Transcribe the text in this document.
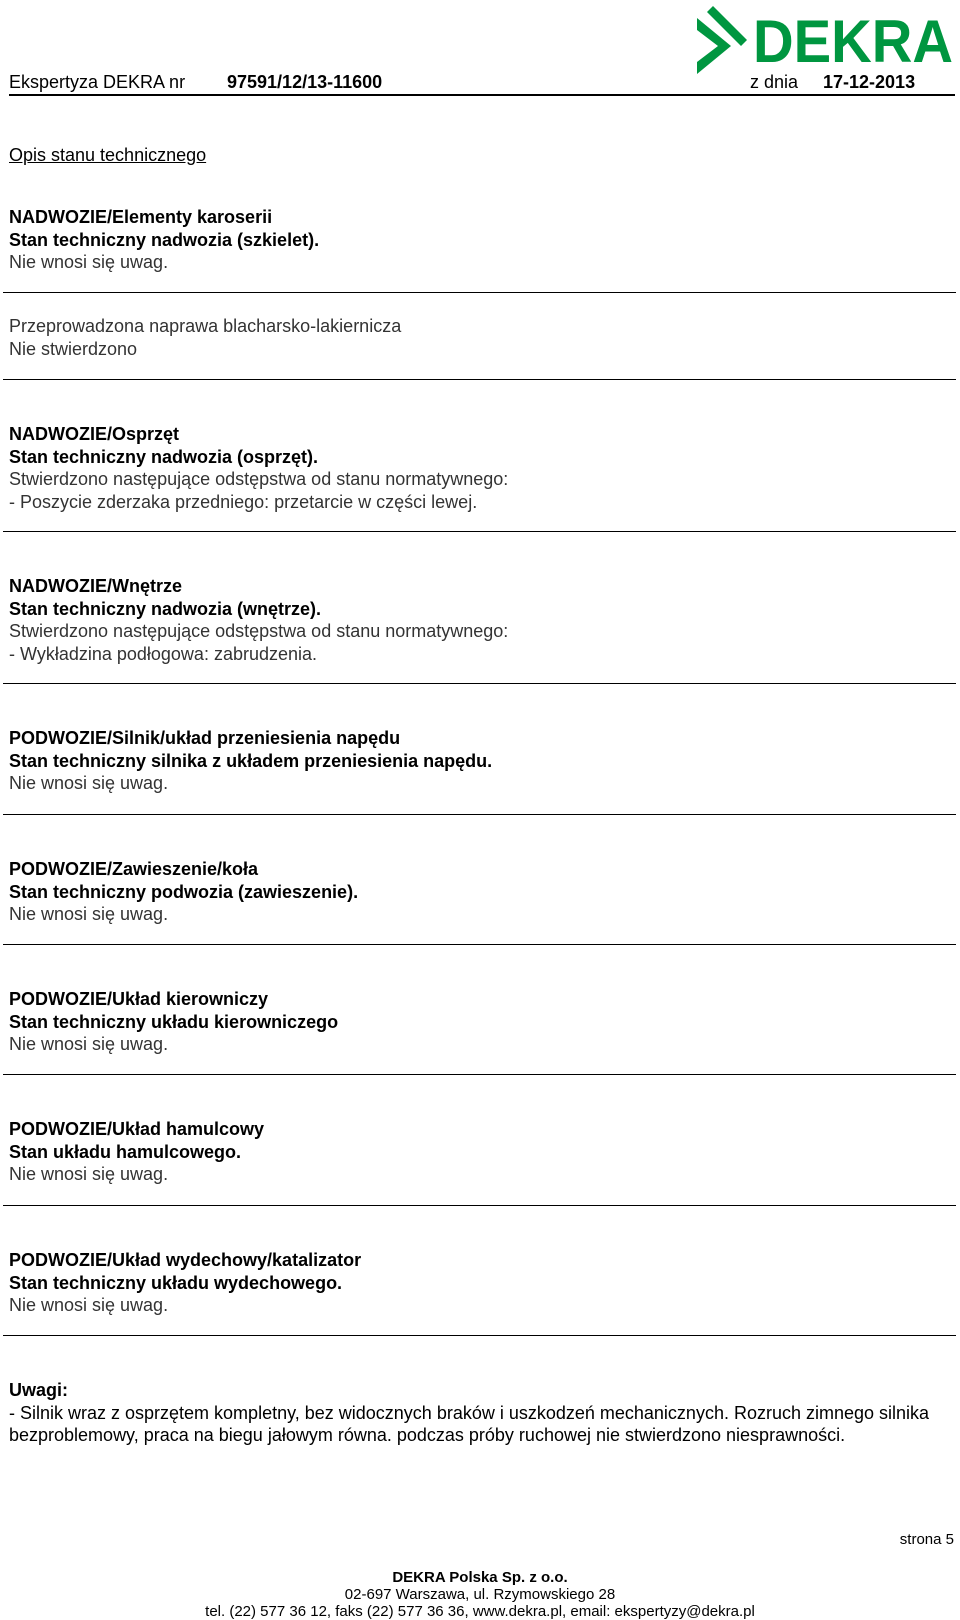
DEKRA
Ekspertyza DEKRA nr 97591/12/13-11600	z dnia 17-12-2013
Opis stanu technicznego
NADWOZIE/Elementy karoserii
Stan techniczny nadwozia (szkielet).
Nie wnosi się uwag.
Przeprowadzona naprawa blacharsko-lakiernicza
Nie stwierdzono
NADWOZIE/Osprzęt
Stan techniczny nadwozia (osprzęt).
Stwierdzono następujące odstępstwa od stanu normatywnego:
- Poszycie zderzaka przedniego: przetarcie w części lewej.
NADWOZIE/Wnętrze
Stan techniczny nadwozia (wnętrze).
Stwierdzono następujące odstępstwa od stanu normatywnego:
- Wykładzina podłogowa: zabrudzenia.
PODWOZIE/Silnik/układ przeniesienia napędu
Stan techniczny silnika z układem przeniesienia napędu.
Nie wnosi się uwag.
PODWOZIE/Zawieszenie/koła
Stan techniczny podwozia (zawieszenie).
Nie wnosi się uwag.
PODWOZIE/Układ kierowniczy
Stan techniczny układu kierowniczego
Nie wnosi się uwag.
PODWOZIE/Układ hamulcowy
Stan układu hamulcowego.
Nie wnosi się uwag.
PODWOZIE/Układ wydechowy/katalizator
Stan techniczny układu wydechowego.
Nie wnosi się uwag.
Uwagi:
- Silnik wraz z osprzętem kompletny, bez widocznych braków i uszkodzeń mechanicznych. Rozruch zimnego silnika bezproblemowy, praca na biegu jałowym równa. podczas próby ruchowej nie stwierdzono niesprawności.
strona 5
DEKRA Polska Sp. z o.o.
02-697 Warszawa, ul. Rzymowskiego 28
tel. (22) 577 36 12, faks (22) 577 36 36, www.dekra.pl, email: ekspertyzy@dekra.pl
